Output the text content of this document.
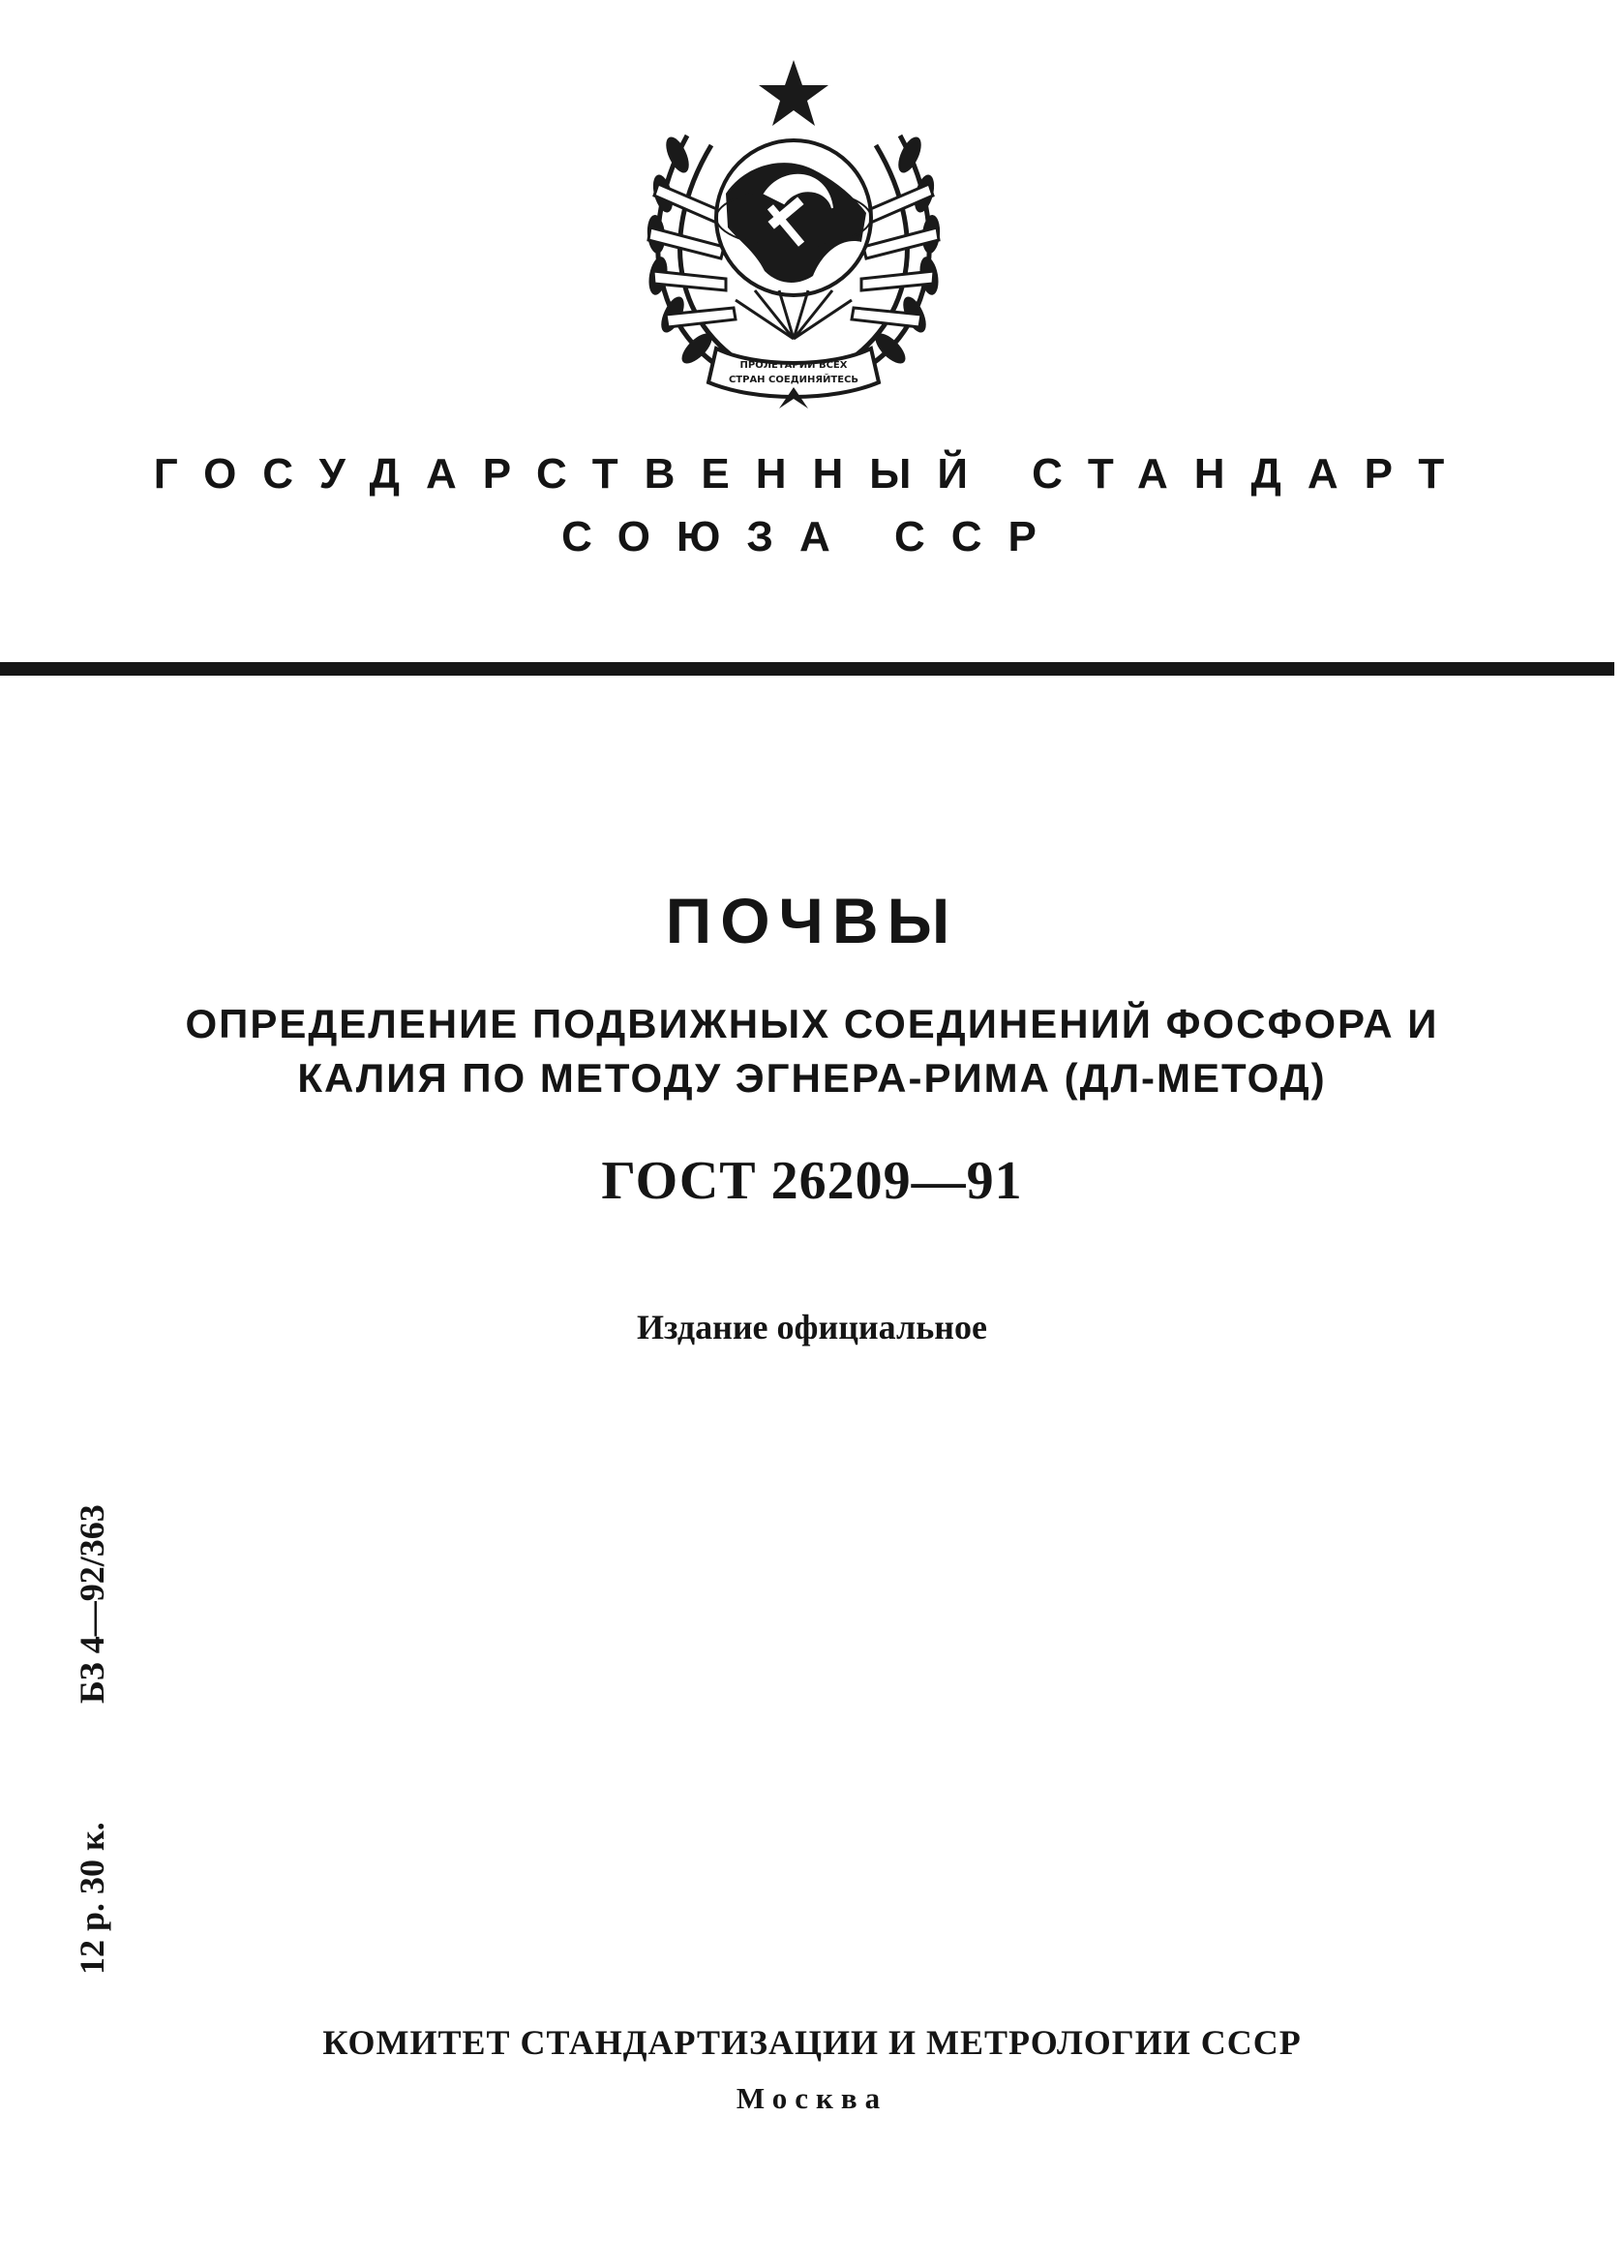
ПРОЛЕТАРИИ ВСЕХ
СТРАН СОЕДИНЯЙТЕСЬ
ГОСУДАРСТВЕННЫЙ СТАНДАРТ
СОЮЗА ССР
ПОЧВЫ
ОПРЕДЕЛЕНИЕ ПОДВИЖНЫХ СОЕДИНЕНИЙ ФОСФОРА И
КАЛИЯ ПО МЕТОДУ ЭГНЕРА-РИМА (ДЛ-МЕТОД)
ГОСТ 26209—91
Издание официальное
12 р. 30 к.
БЗ 4—92/363
КОМИТЕТ СТАНДАРТИЗАЦИИ И МЕТРОЛОГИИ СССР
Москва
